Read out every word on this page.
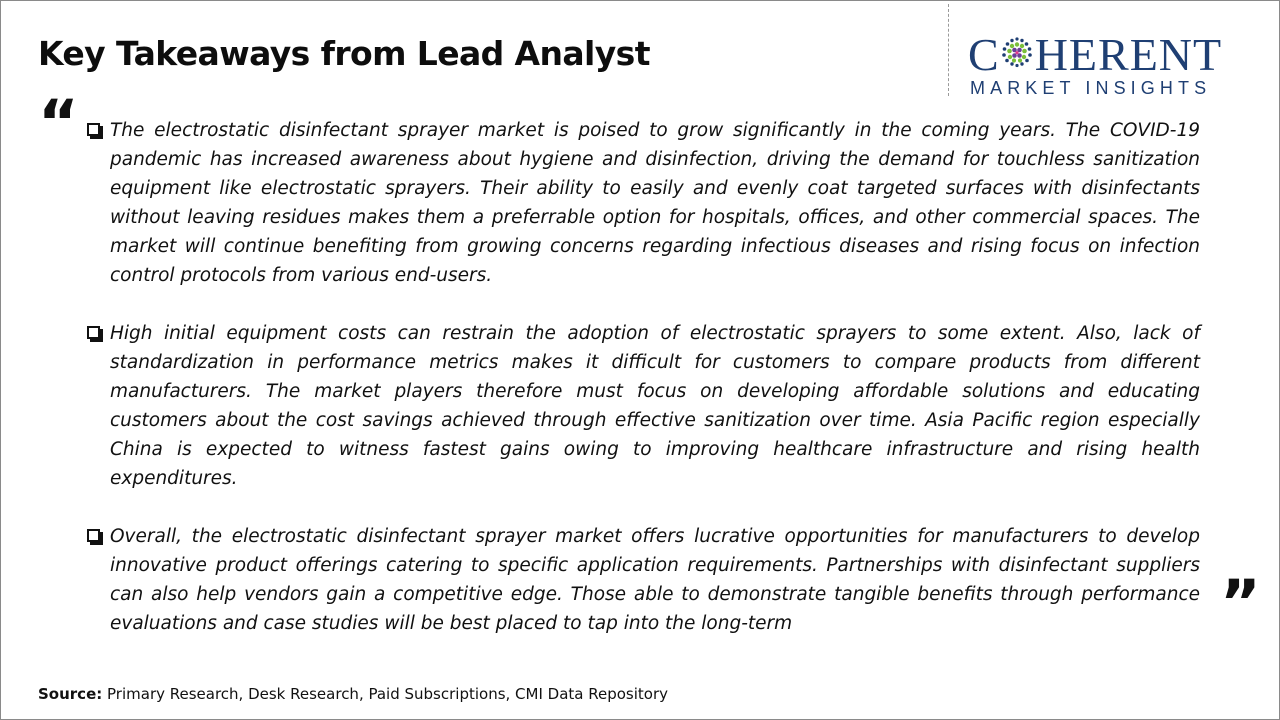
Key Takeaways from Lead Analyst	C HERENT
MARKET INSIGHTS
“ The electrostatic disinfectant sprayer market is poised to grow significantly in the coming years. The COVID-19 pandemic has increased awareness about hygiene and disinfection, driving the demand for touchless sanitization equipment like electrostatic sprayers. Their ability to easily and evenly coat targeted surfaces with disinfectants without leaving residues makes them a preferrable option for hospitals, offices, and other commercial spaces. The market will continue benefiting from growing concerns regarding infectious diseases and rising focus on infection control protocols from various end-users.
High initial equipment costs can restrain the adoption of electrostatic sprayers to some extent. Also, lack of standardization in performance metrics makes it difficult for customers to compare products from different manufacturers. The market players therefore must focus on developing affordable solutions and educating customers about the cost savings achieved through effective sanitization over time. Asia Pacific region especially China is expected to witness fastest gains owing to improving healthcare infrastructure and rising health expenditures.
Overall, the electrostatic disinfectant sprayer market offers lucrative opportunities for manufacturers to develop innovative product offerings catering to specific application requirements. Partnerships with disinfectant suppliers can also help vendors gain a competitive edge. Those able to demonstrate tangible benefits through performance evaluations and case studies will be best placed to tap into the long-term	”
Source: Primary Research, Desk Research, Paid Subscriptions, CMI Data Repository
